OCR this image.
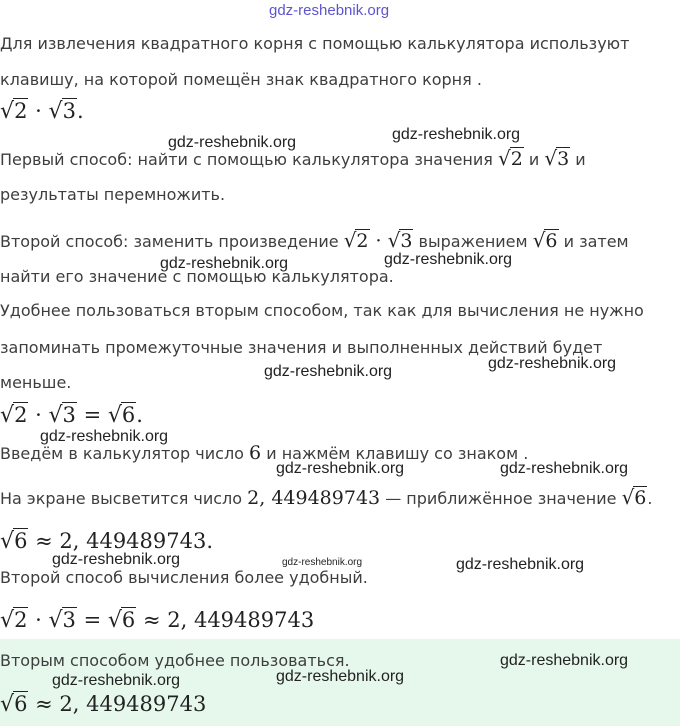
gdz-reshebnik.org
Для извлечения квадратного корня с помощью калькулятора используют
клавишу, на которой помещён знак квадратного корня .
√2 · √3.
gdz-reshebnik.org	gdz-reshebnik.org
Первый способ: найти с помощью калькулятора значения √2 и √3 и
результаты перемножить.
Второй способ: заменить произведение √2 · √3 выражением √6 и затем
найти его значение с помощью калькулятора.
gdz-reshebnik.org	gdz-reshebnik.org
Удобнее пользоваться вторым способом, так как для вычисления не нужно
запоминать промежуточные значения и выполненных действий будет
gdz-reshebnik.org
меньше.
gdz-reshebnik.org
√2 · √3 = √6.
gdz-reshebnik.org
Введём в калькулятор число 6 и нажмём клавишу со знаком .
gdz-reshebnik.org	gdz-reshebnik.org
На экране высветится число 2, 449489743 — приближённое значение √6.
√6 ≈ 2, 449489743.
gdz-reshebnik.org	gdz-reshebnik.org	gdz-reshebnik.org
Второй способ вычисления более удобный.
√2 · √3 = √6 ≈ 2, 449489743
Вторым способом удобнее пользоваться.	gdz-reshebnik.org
gdz-reshebnik.org	gdz-reshebnik.org
√6 ≈ 2, 449489743
